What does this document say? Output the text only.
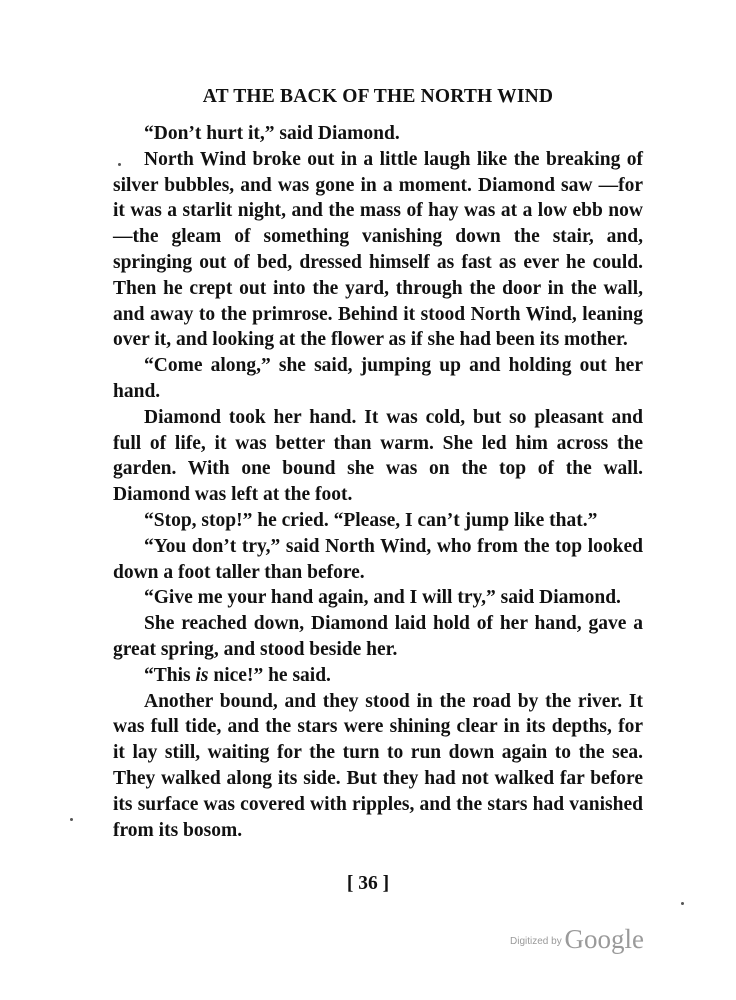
AT THE BACK OF THE NORTH WIND

“Don’t hurt it,” said Diamond.

North Wind broke out in a little laugh like the breaking of silver bubbles, and was gone in a moment. Diamond saw —for it was a starlit night, and the mass of hay was at a low ebb now—the gleam of something vanishing down the stair, and, springing out of bed, dressed himself as fast as ever he could. Then he crept out into the yard, through the door in the wall, and away to the primrose. Behind it stood North Wind, leaning over it, and looking at the flower as if she had been its mother.

“Come along,” she said, jumping up and holding out her hand.

Diamond took her hand. It was cold, but so pleasant and full of life, it was better than warm. She led him across the garden. With one bound she was on the top of the wall. Diamond was left at the foot.

“Stop, stop!” he cried. “Please, I can’t jump like that.”

“You don’t try,” said North Wind, who from the top looked down a foot taller than before.

“Give me your hand again, and I will try,” said Diamond.

She reached down, Diamond laid hold of her hand, gave a great spring, and stood beside her.

“This is nice!” he said.

Another bound, and they stood in the road by the river. It was full tide, and the stars were shining clear in its depths, for it lay still, waiting for the turn to run down again to the sea. They walked along its side. But they had not walked far before its surface was covered with ripples, and the stars had vanished from its bosom.

[ 36 ]
$^{Digitized by}$ Google
